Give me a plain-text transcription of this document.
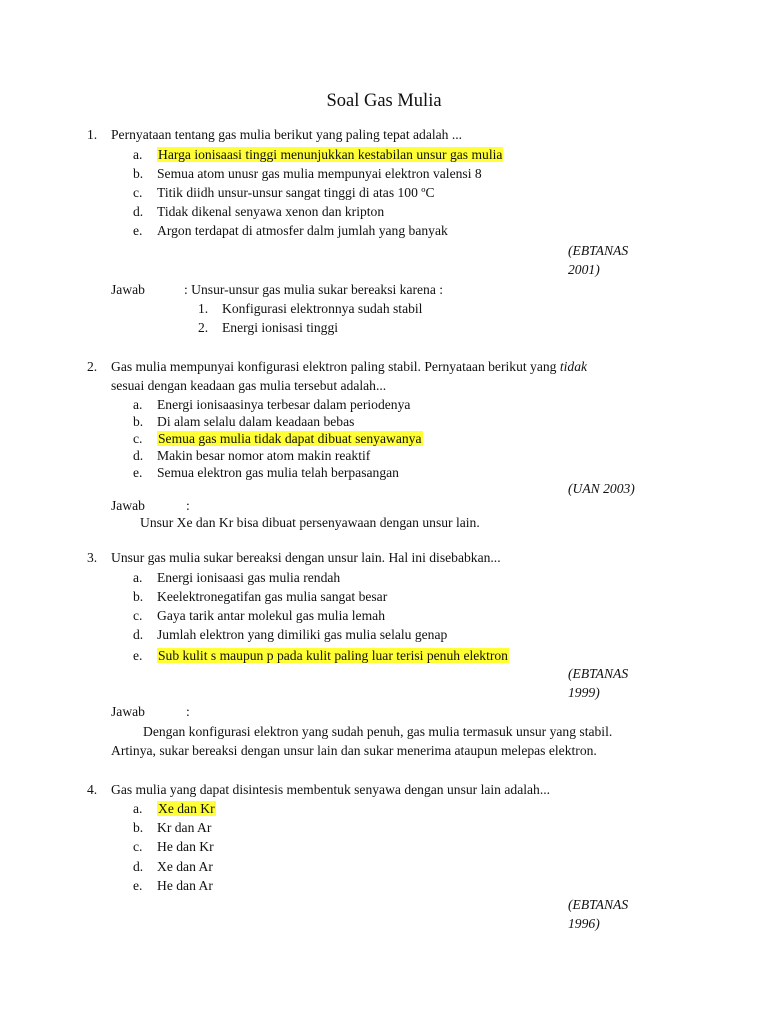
Soal Gas Mulia
1. Pernyataan tentang gas mulia berikut yang paling tepat adalah ...
a. Harga ionisaasi tinggi menunjukkan kestabilan unsur gas mulia
b. Semua atom unusr gas mulia mempunyai elektron valensi 8
c. Titik diidh unsur-unsur sangat tinggi di atas 100 ºC
d. Tidak dikenal senyawa xenon dan kripton
e. Argon terdapat di atmosfer dalm jumlah yang banyak
(EBTANAS
2001)
Jawab	: Unsur-unsur gas mulia sukar bereaksi karena :
1. Konfigurasi elektronnya sudah stabil
2. Energi ionisasi tinggi
2. Gas mulia mempunyai konfigurasi elektron paling stabil. Pernyataan berikut yang tidak
sesuai dengan keadaan gas mulia tersebut adalah...
a. Energi ionisaasinya terbesar dalam periodenya
b. Di alam selalu dalam keadaan bebas
c. Semua gas mulia tidak dapat dibuat senyawanya
d. Makin besar nomor atom makin reaktif
e. Semua elektron gas mulia telah berpasangan
(UAN 2003)
Jawab	:
Unsur Xe dan Kr bisa dibuat persenyawaan dengan unsur lain.
3. Unsur gas mulia sukar bereaksi dengan unsur lain. Hal ini disebabkan...
a. Energi ionisaasi gas mulia rendah
b. Keelektronegatifan gas mulia sangat besar
c. Gaya tarik antar molekul gas mulia lemah
d. Jumlah elektron yang dimiliki gas mulia selalu genap
e. Sub kulit s maupun p pada kulit paling luar terisi penuh elektron
(EBTANAS
1999)
Jawab	:
Dengan konfigurasi elektron yang sudah penuh, gas mulia termasuk unsur yang stabil.
Artinya, sukar bereaksi dengan unsur lain dan sukar menerima ataupun melepas elektron.
4. Gas mulia yang dapat disintesis membentuk senyawa dengan unsur lain adalah...
a. Xe dan Kr
b. Kr dan Ar
c. He dan Kr
d. Xe dan Ar
e. He dan Ar
(EBTANAS
1996)
